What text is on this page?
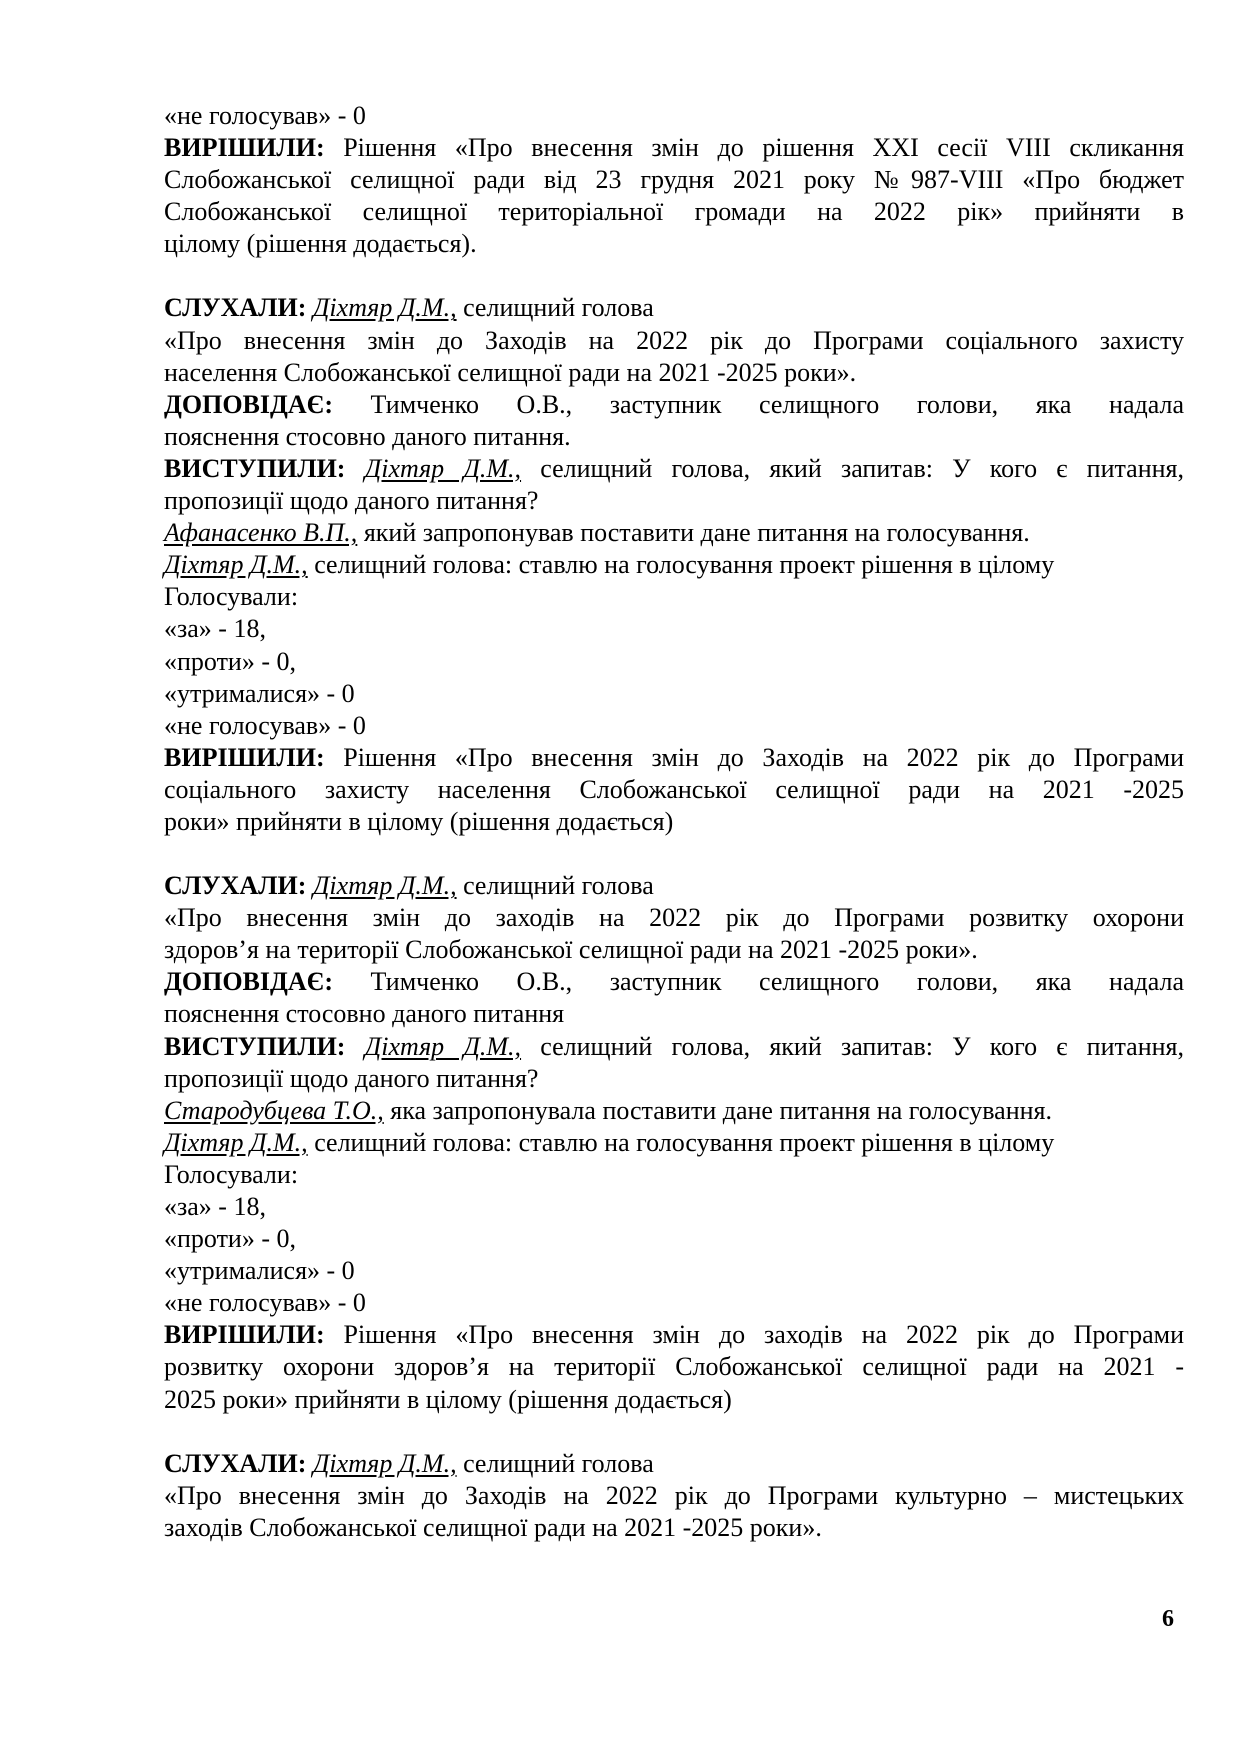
«не голосував» - 0
ВИРІШИЛИ: Рішення «Про внесення змін до рішення XXI сесії VIII скликання
Слобожанської селищної ради від 23 грудня 2021 року №987-VIII «Про бюджет
Слобожанської селищної територіальної громади на 2022 рік» прийняти в
цілому (рішення додається).
СЛУХАЛИ: Діхтяр Д.М., селищний голова
«Про внесення змін до Заходів на 2022 рік до Програми соціального захисту
населення Слобожанської селищної ради на 2021 -2025 роки».
ДОПОВІДАЄ: Тимченко О.В., заступник селищного голови, яка надала
пояснення стосовно даного питання.
ВИСТУПИЛИ: Діхтяр Д.М., селищний голова, який запитав: У кого є питання,
пропозиції щодо даного питання?
Афанасенко В.П., який запропонував поставити дане питання на голосування.
Діхтяр Д.М., селищний голова: ставлю на голосування проект рішення в цілому
Голосували:
«за» - 18,
«проти» - 0,
«утрималися» - 0
«не голосував» - 0
ВИРІШИЛИ: Рішення «Про внесення змін до Заходів на 2022 рік до Програми
соціального захисту населення Слобожанської селищної ради на 2021 -2025
роки» прийняти в цілому (рішення додається)
СЛУХАЛИ: Діхтяр Д.М., селищний голова
«Про внесення змін до заходів на 2022 рік до Програми розвитку охорони
здоров’я на території Слобожанської селищної ради на 2021 -2025 роки».
ДОПОВІДАЄ: Тимченко О.В., заступник селищного голови, яка надала
пояснення стосовно даного питання
ВИСТУПИЛИ: Діхтяр Д.М., селищний голова, який запитав: У кого є питання,
пропозиції щодо даного питання?
Стародубцева Т.О., яка запропонувала поставити дане питання на голосування.
Діхтяр Д.М., селищний голова: ставлю на голосування проект рішення в цілому
Голосували:
«за» - 18,
«проти» - 0,
«утрималися» - 0
«не голосував» - 0
ВИРІШИЛИ: Рішення «Про внесення змін до заходів на 2022 рік до Програми
розвитку охорони здоров’я на території Слобожанської селищної ради на 2021 -
2025 роки» прийняти в цілому (рішення додається)
СЛУХАЛИ: Діхтяр Д.М., селищний голова
«Про внесення змін до Заходів на 2022 рік до Програми культурно – мистецьких
заходів Слобожанської селищної ради на 2021 -2025 роки».
6
